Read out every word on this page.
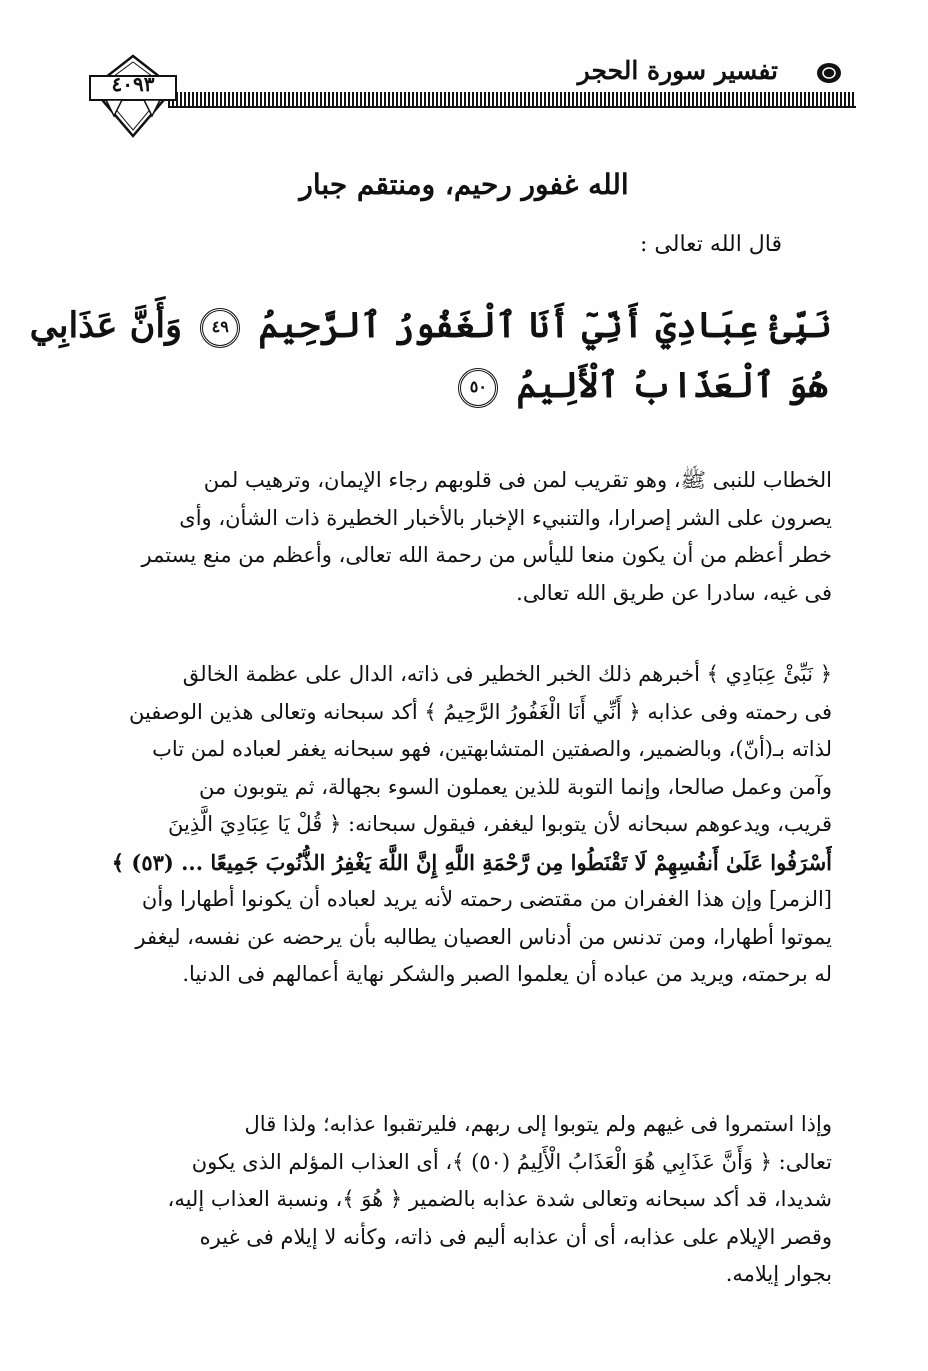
تفسير سورة الحجر
٤٠٩٣
الله غفور رحيم، ومنتقم جبار
قال الله تعالى :
نَبِّئْ عِبَادِيٓ أَنِّيٓ أَنَا ٱلْغَفُورُ ٱلرَّحِيمُ ٤٩ وَأَنَّ عَذَابِي
هُوَ ٱلْعَذَابُ ٱلْأَلِيمُ ٥٠
الخطاب للنبى ﷺ، وهو تقريب لمن فى قلوبهم رجاء الإيمان، وترهيب لمن
يصرون على الشر إصرارا، والتنبيء الإخبار بالأخبار الخطيرة ذات الشأن، وأى
خطر أعظم من أن يكون منعا لليأس من رحمة الله تعالى، وأعظم من منع يستمر
فى غيه، سادرا عن طريق الله تعالى.
﴿ نَبِّئْ عِبَادِي ﴾ أخبرهم ذلك الخبر الخطير فى ذاته، الدال على عظمة الخالق
فى رحمته وفى عذابه ﴿ أَنِّي أَنَا الْغَفُورُ الرَّحِيمُ ﴾ أكد سبحانه وتعالى هذين الوصفين
لذاته بـ(أنّ)، وبالضمير، والصفتين المتشابهتين، فهو سبحانه يغفر لعباده لمن تاب
وآمن وعمل صالحا، وإنما التوبة للذين يعملون السوء بجهالة، ثم يتوبون من
قريب، ويدعوهم سبحانه لأن يتوبوا ليغفر، فيقول سبحانه: ﴿ قُلْ يَا عِبَادِيَ الَّذِينَ
أَسْرَفُوا عَلَىٰ أَنفُسِهِمْ لَا تَقْنَطُوا مِن رَّحْمَةِ اللَّهِ إِنَّ اللَّهَ يَغْفِرُ الذُّنُوبَ جَمِيعًا ... (٥٣) ﴾
[الزمر] وإن هذا الغفران من مقتضى رحمته لأنه يريد لعباده أن يكونوا أطهارا وأن
يموتوا أطهارا، ومن تدنس من أدناس العصيان يطالبه بأن يرحضه عن نفسه، ليغفر
له برحمته، ويريد من عباده أن يعلموا الصبر والشكر نهاية أعمالهم فى الدنيا.
وإذا استمروا فى غيهم ولم يتوبوا إلى ربهم، فليرتقبوا عذابه؛ ولذا قال
تعالى: ﴿ وَأَنَّ عَذَابِي هُوَ الْعَذَابُ الْأَلِيمُ (٥٠) ﴾، أى العذاب المؤلم الذى يكون
شديدا، قد أكد سبحانه وتعالى شدة عذابه بالضمير ﴿ هُوَ ﴾، ونسبة العذاب إليه،
وقصر الإيلام على عذابه، أى أن عذابه أليم فى ذاته، وكأنه لا إيلام فى غيره
بجوار إيلامه.
